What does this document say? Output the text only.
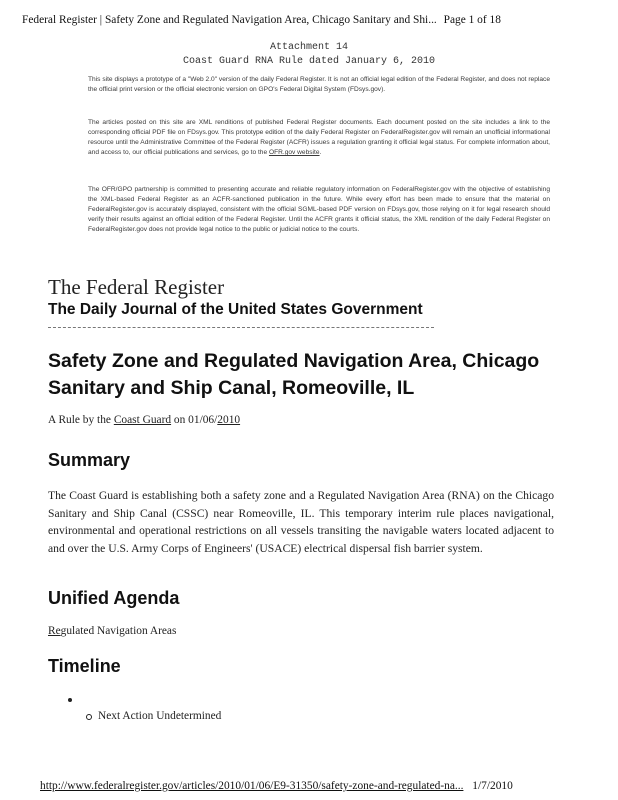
Federal Register | Safety Zone and Regulated Navigation Area, Chicago Sanitary and Shi... Page 1 of 18
Attachment 14
Coast Guard RNA Rule dated January 6, 2010
This site displays a prototype of a "Web 2.0" version of the daily Federal Register. It is not an official legal edition of the Federal Register, and does not replace the official print version or the official electronic version on GPO's Federal Digital System (FDsys.gov).
The articles posted on this site are XML renditions of published Federal Register documents. Each document posted on the site includes a link to the corresponding official PDF file on FDsys.gov. This prototype edition of the daily Federal Register on FederalRegister.gov will remain an unofficial informational resource until the Administrative Committee of the Federal Register (ACFR) issues a regulation granting it official legal status. For complete information about, and access to, our official publications and services, go to the OFR.gov website.
The OFR/GPO partnership is committed to presenting accurate and reliable regulatory information on FederalRegister.gov with the objective of establishing the XML-based Federal Register as an ACFR-sanctioned publication in the future. While every effort has been made to ensure that the material on FederalRegister.gov is accurately displayed, consistent with the official SGML-based PDF version on FDsys.gov, those relying on it for legal research should verify their results against an official edition of the Federal Register. Until the ACFR grants it official status, the XML rendition of the daily Federal Register on FederalRegister.gov does not provide legal notice to the public or judicial notice to the courts.
The Federal Register
The Daily Journal of the United States Government
Safety Zone and Regulated Navigation Area, Chicago Sanitary and Ship Canal, Romeoville, IL
A Rule by the Coast Guard on 01/06/2010
Summary
The Coast Guard is establishing both a safety zone and a Regulated Navigation Area (RNA) on the Chicago Sanitary and Ship Canal (CSSC) near Romeoville, IL. This temporary interim rule places navigational, environmental and operational restrictions on all vessels transiting the navigable waters located adjacent to and over the U.S. Army Corps of Engineers' (USACE) electrical dispersal fish barrier system.
Unified Agenda
Regulated Navigation Areas
Timeline
Next Action Undetermined
http://www.federalregister.gov/articles/2010/01/06/E9-31350/safety-zone-and-regulated-na... 1/7/2010
